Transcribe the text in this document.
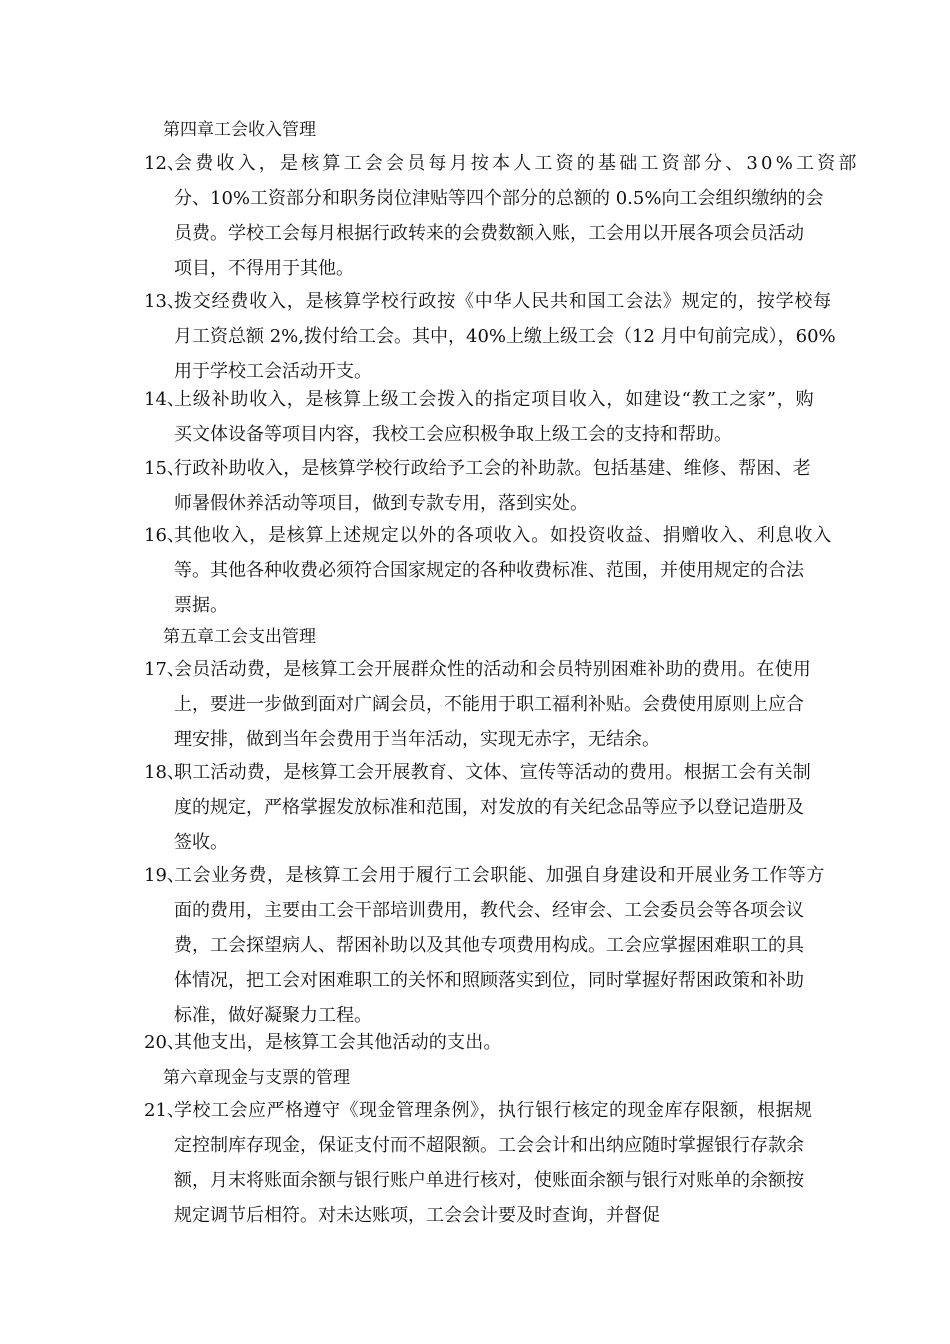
第四章工会收入管理
12、
会费收入，是核算工会会员每月按本人工资的基础工资部分、30%工资部
分、10%工资部分和职务岗位津贴等四个部分的总额的 0.5%向工会组织缴纳的会
员费。学校工会每月根据行政转来的会费数额入账，工会用以开展各项会员活动
项目，不得用于其他。
13、
拨交经费收入，是核算学校行政按《中华人民共和国工会法》规定的，按学校每
月工资总额 2%,拨付给工会。其中，40%上缴上级工会（12 月中旬前完成），60%
用于学校工会活动开支。
14、
上级补助收入，是核算上级工会拨入的指定项目收入，如建设“教工之家”，购
买文体设备等项目内容，我校工会应积极争取上级工会的支持和帮助。
15、
行政补助收入，是核算学校行政给予工会的补助款。包括基建、维修、帮困、老
师暑假休养活动等项目，做到专款专用，落到实处。
16、
其他收入，是核算上述规定以外的各项收入。如投资收益、捐赠收入、利息收入
等。其他各种收费必须符合国家规定的各种收费标准、范围，并使用规定的合法
票据。
第五章工会支出管理
17、
会员活动费，是核算工会开展群众性的活动和会员特别困难补助的费用。在使用
上，要进一步做到面对广阔会员，不能用于职工福利补贴。会费使用原则上应合
理安排，做到当年会费用于当年活动，实现无赤字，无结余。
18、
职工活动费，是核算工会开展教育、文体、宣传等活动的费用。根据工会有关制
度的规定，严格掌握发放标准和范围，对发放的有关纪念品等应予以登记造册及
签收。
19、
工会业务费，是核算工会用于履行工会职能、加强自身建设和开展业务工作等方
面的费用，主要由工会干部培训费用，教代会、经审会、工会委员会等各项会议
费，工会探望病人、帮困补助以及其他专项费用构成。工会应掌握困难职工的具
体情况，把工会对困难职工的关怀和照顾落实到位，同时掌握好帮困政策和补助
标准，做好凝聚力工程。
20、
其他支出，是核算工会其他活动的支出。
第六章现金与支票的管理
21、
学校工会应严格遵守《现金管理条例》，执行银行核定的现金库存限额，根据规
定控制库存现金，保证支付而不超限额。工会会计和出纳应随时掌握银行存款余
额，月末将账面余额与银行账户单进行核对，使账面余额与银行对账单的余额按
规定调节后相符。对未达账项，工会会计要及时查询，并督促
